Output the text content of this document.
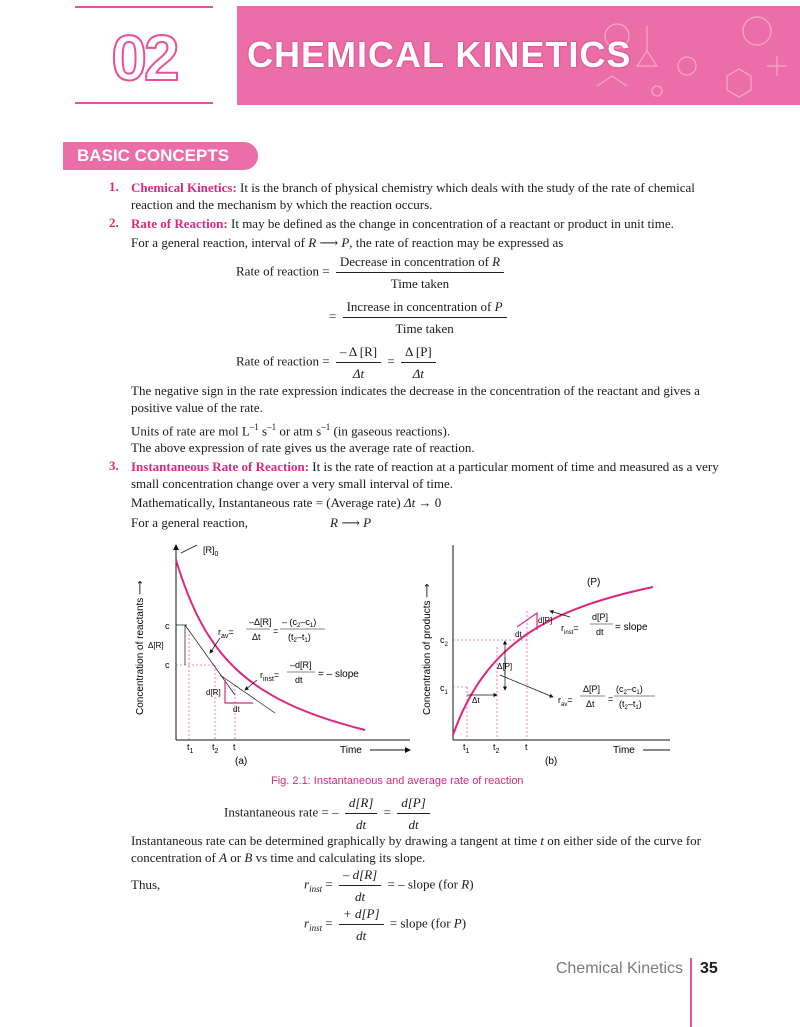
02	CHEMICAL KINETICS
BASIC CONCEPTS
1. Chemical Kinetics: It is the branch of physical chemistry which deals with the study of the rate of chemical reaction and the mechanism by which the reaction occurs.
2. Rate of Reaction: It may be defined as the change in concentration of a reactant or product in unit time.
For a general reaction, interval of R ⟶ P, the rate of reaction may be expressed as
Rate of reaction = $\frac{\text{Decrease in concentration of R}}{\text{Time taken}}$
= $\frac{\text{Increase in concentration of P}}{\text{Time taken}}$
Rate of reaction = $\frac{- \Delta [R]}{\Delta t} = \frac{\Delta [P]}{\Delta t}$
The negative sign in the rate expression indicates the decrease in the concentration of the reactant and gives a positive value of the rate.
Units of rate are mol $L^{-1}$ $s^{-1}$ or atm $s^{-1}$ (in gaseous reactions).
The above expression of rate gives us the average rate of reaction.
3. Instantaneous Rate of Reaction: It is the rate of reaction at a particular moment of time and measured as a very small concentration change over a very small interval of time.
Mathematically, Instantaneous rate = (Average rate) Δt → 0
For a general reaction,	R ⟶ P
$[R]_0$
Concentration of reactants ⟶ c
c
Δ[R]
d[R]
dt
$r_{av}=$
–Δ[R]
Δt
=
– $(c_2-c_1)$
$(t_2-t_1)$
$r_{inst}=$
–d[R]
dt = – slope
$t_1$ $t_2$ t	Time
(a)
(P)
Concentration of products ⟶ $c_2$
$c_1$
dt
d[P]
$r_{inst}=$
d[P]
dt = slope
Δ[P]
Δt	$r_{av}=$
Δ[P]
Δt =
$(c_2-c_1)$
$(t_2-t_1)$
$t_1$	$t_2$	t	Time
(b)
Fig. 2.1: Instantaneous and average rate of reaction
Instantaneous rate = – $\frac{d[R]}{dt} = \frac{d[P]}{dt}$
Instantaneous rate can be determined graphically by drawing a tangent at time t on either side of the curve for concentration of A or B vs time and calculating its slope.
Thus,	$r_{inst} = \frac{- d[R]}{dt}$ = – slope (for R)
$r_{inst} = \frac{+ d[P]}{dt}$ = slope (for P)
Chemical Kinetics 35
